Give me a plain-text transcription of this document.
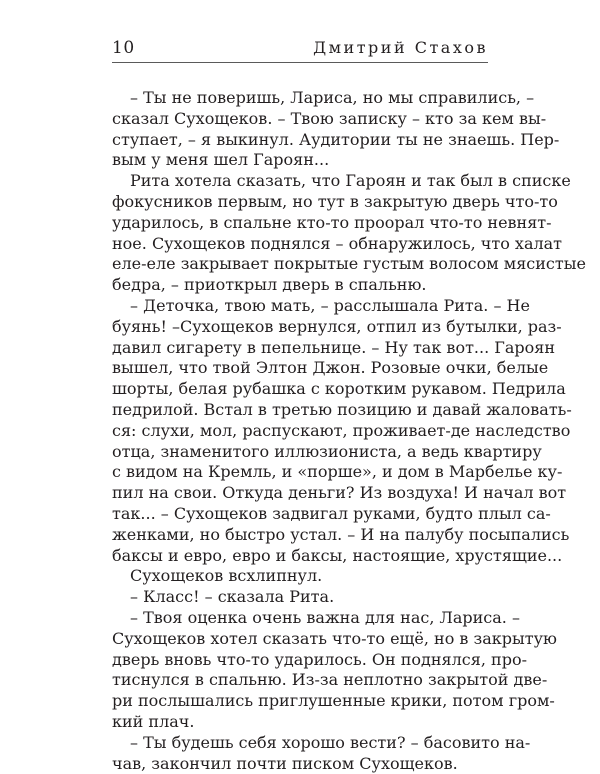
10	Дмитрий Стахов
– Ты не поверишь, Лариса, но мы справились, –
сказал Сухощеков. – Твою записку – кто за кем вы-
ступает, – я выкинул. Аудитории ты не знаешь. Пер-
вым у меня шел Гароян...
Рита хотела сказать, что Гароян и так был в списке
фокусников первым, но тут в закрытую дверь что-то
ударилось, в спальне кто-то проорал что-то невнят-
ное. Сухощеков поднялся – обнаружилось, что халат
еле-еле закрывает покрытые густым волосом мясистые
бедра, – приоткрыл дверь в спальню.
– Деточка, твою мать, – расслышала Рита. – Не
буянь! –Сухощеков вернулся, отпил из бутылки, раз-
давил сигарету в пепельнице. – Ну так вот... Гароян
вышел, что твой Элтон Джон. Розовые очки, белые
шорты, белая рубашка с коротким рукавом. Педрила
педрилой. Встал в третью позицию и давай жаловать-
ся: слухи, мол, распускают, проживает-де наследство
отца, знаменитого иллюзиониста, а ведь квартиру
с видом на Кремль, и «порше», и дом в Марбелье ку-
пил на свои. Откуда деньги? Из воздуха! И начал вот
так... – Сухощеков задвигал руками, будто плыл са-
женками, но быстро устал. – И на палубу посыпались
баксы и евро, евро и баксы, настоящие, хрустящие...
Сухощеков всхлипнул.
– Класс! – сказала Рита.
– Твоя оценка очень важна для нас, Лариса. –
Сухощеков хотел сказать что-то ещё, но в закрытую
дверь вновь что-то ударилось. Он поднялся, про-
тиснулся в спальню. Из-за неплотно закрытой две-
ри послышались приглушенные крики, потом гром-
кий плач.
– Ты будешь себя хорошо вести? – басовито на-
чав, закончил почти писком Сухощеков.
